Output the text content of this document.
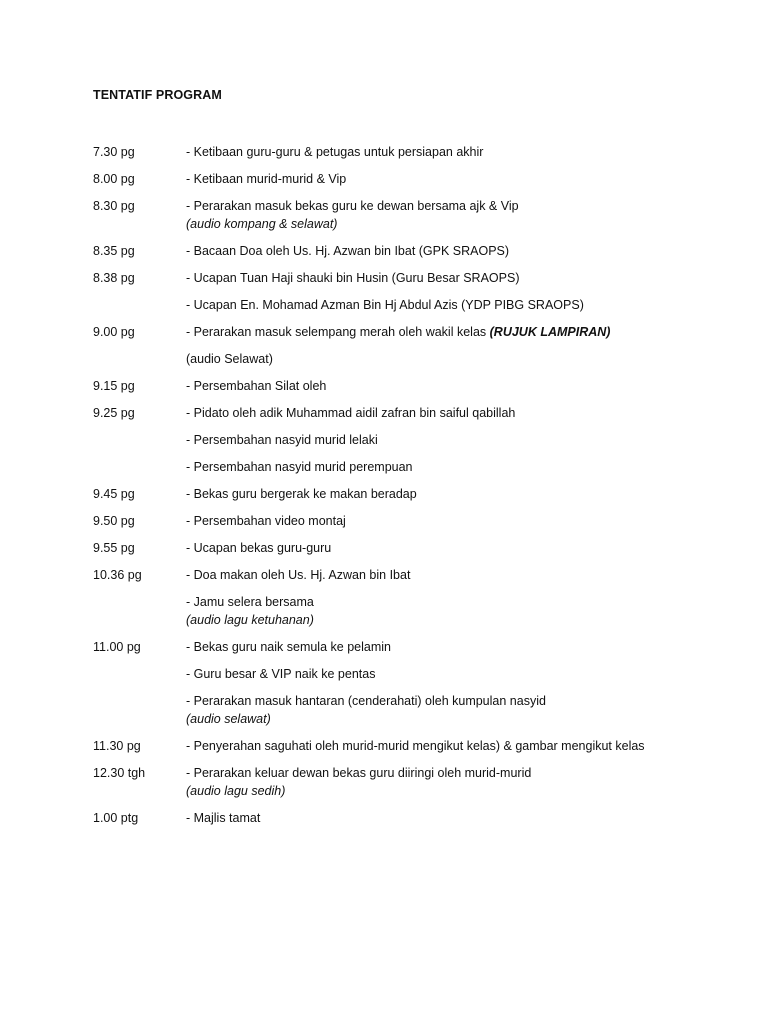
TENTATIF PROGRAM
7.30 pg	- Ketibaan guru-guru & petugas untuk persiapan akhir
8.00 pg	- Ketibaan murid-murid & Vip
8.30 pg	- Perarakan masuk bekas guru ke dewan bersama ajk & Vip
(audio kompang & selawat)
8.35 pg	- Bacaan Doa oleh Us. Hj. Azwan bin Ibat (GPK SRAOPS)
8.38 pg	- Ucapan Tuan Haji shauki bin Husin (Guru Besar SRAOPS)
- Ucapan En. Mohamad Azman Bin Hj Abdul Azis (YDP PIBG SRAOPS)
9.00 pg	- Perarakan masuk selempang merah oleh wakil kelas (RUJUK LAMPIRAN)
(audio Selawat)
9.15 pg	- Persembahan Silat oleh
9.25 pg	- Pidato oleh adik Muhammad aidil zafran bin saiful qabillah
- Persembahan nasyid murid lelaki
- Persembahan nasyid murid perempuan
9.45 pg	- Bekas guru bergerak ke makan beradap
9.50 pg	- Persembahan video montaj
9.55 pg	- Ucapan bekas guru-guru
10.36 pg	- Doa makan oleh Us. Hj. Azwan bin Ibat
- Jamu selera bersama
(audio lagu ketuhanan)
11.00 pg	- Bekas guru naik semula ke pelamin
- Guru besar & VIP naik ke pentas
- Perarakan masuk hantaran (cenderahati) oleh kumpulan nasyid
(audio selawat)
11.30 pg	- Penyerahan saguhati oleh murid-murid mengikut kelas) & gambar mengikut kelas
12.30 tgh	- Perarakan keluar dewan bekas guru diiringi oleh murid-murid
(audio lagu sedih)
1.00 ptg	- Majlis tamat
